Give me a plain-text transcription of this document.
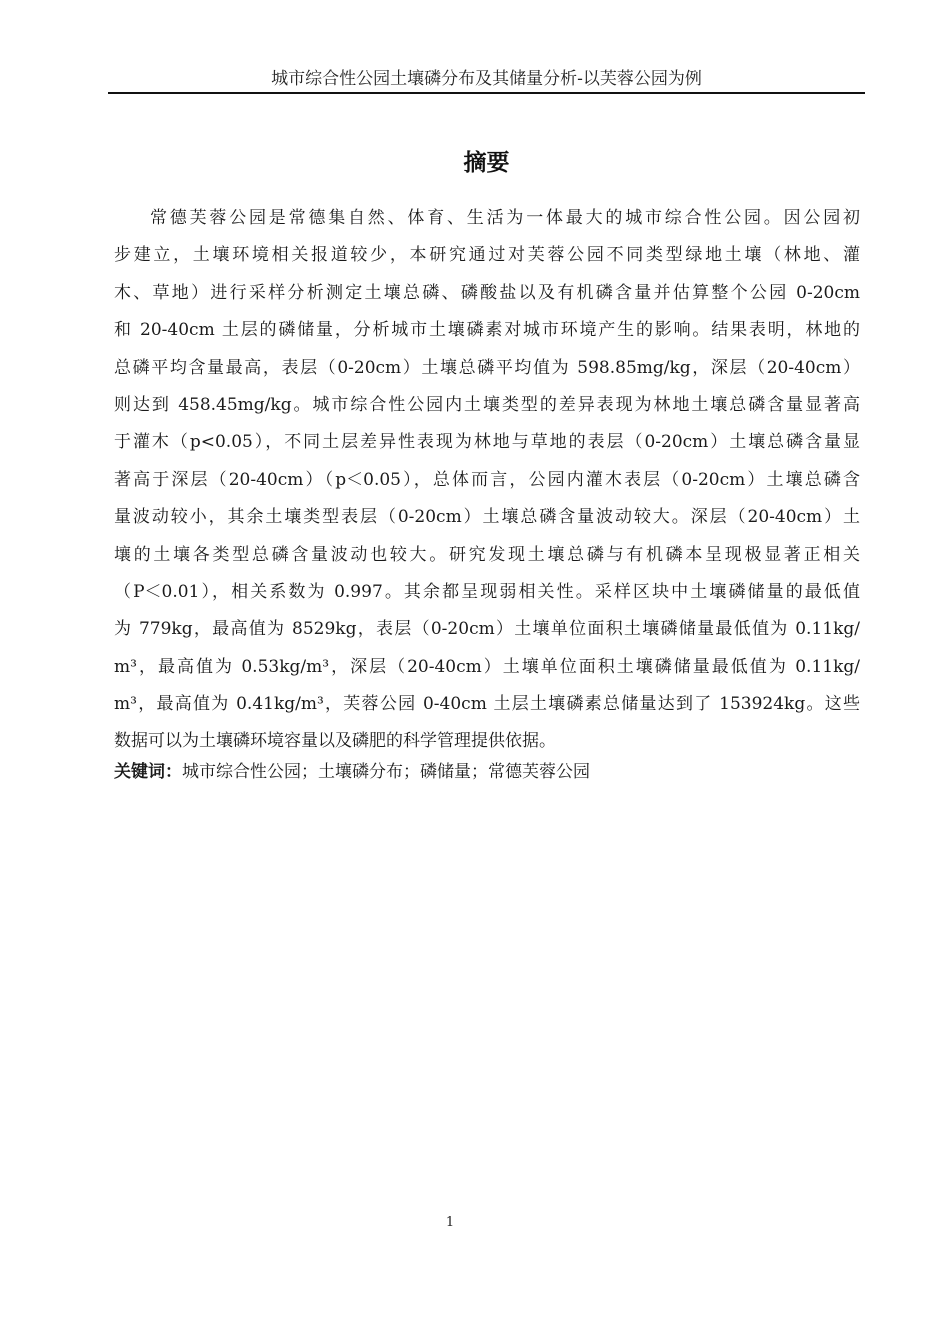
城市综合性公园土壤磷分布及其储量分析-以芙蓉公园为例
摘要
常德芙蓉公园是常德集自然、体育、生活为一体最大的城市综合性公园。因公园初
步建立，土壤环境相关报道较少，本研究通过对芙蓉公园不同类型绿地土壤（林地、灌
木、草地）进行采样分析测定土壤总磷、磷酸盐以及有机磷含量并估算整个公园 0-20cm
和 20-40cm 土层的磷储量，分析城市土壤磷素对城市环境产生的影响。结果表明，林地的
总磷平均含量最高，表层（0-20cm）土壤总磷平均值为 598.85mg/kg，深层（20-40cm）
则达到 458.45mg/kg。城市综合性公园内土壤类型的差异表现为林地土壤总磷含量显著高
于灌木（p<0.05），不同土层差异性表现为林地与草地的表层（0-20cm）土壤总磷含量显
著高于深层（20-40cm）（p＜0.05），总体而言，公园内灌木表层（0-20cm）土壤总磷含
量波动较小，其余土壤类型表层（0-20cm）土壤总磷含量波动较大。深层（20-40cm）土
壤的土壤各类型总磷含量波动也较大。研究发现土壤总磷与有机磷本呈现极显著正相关
（P＜0.01），相关系数为 0.997。其余都呈现弱相关性。采样区块中土壤磷储量的最低值
为 779kg，最高值为 8529kg，表层（0-20cm）土壤单位面积土壤磷储量最低值为 0.11kg/
m³，最高值为 0.53kg/m³，深层（20-40cm）土壤单位面积土壤磷储量最低值为 0.11kg/
m³，最高值为 0.41kg/m³，芙蓉公园 0-40cm 土层土壤磷素总储量达到了 153924kg。这些
数据可以为土壤磷环境容量以及磷肥的科学管理提供依据。
关键词：城市综合性公园；土壤磷分布；磷储量；常德芙蓉公园
1
